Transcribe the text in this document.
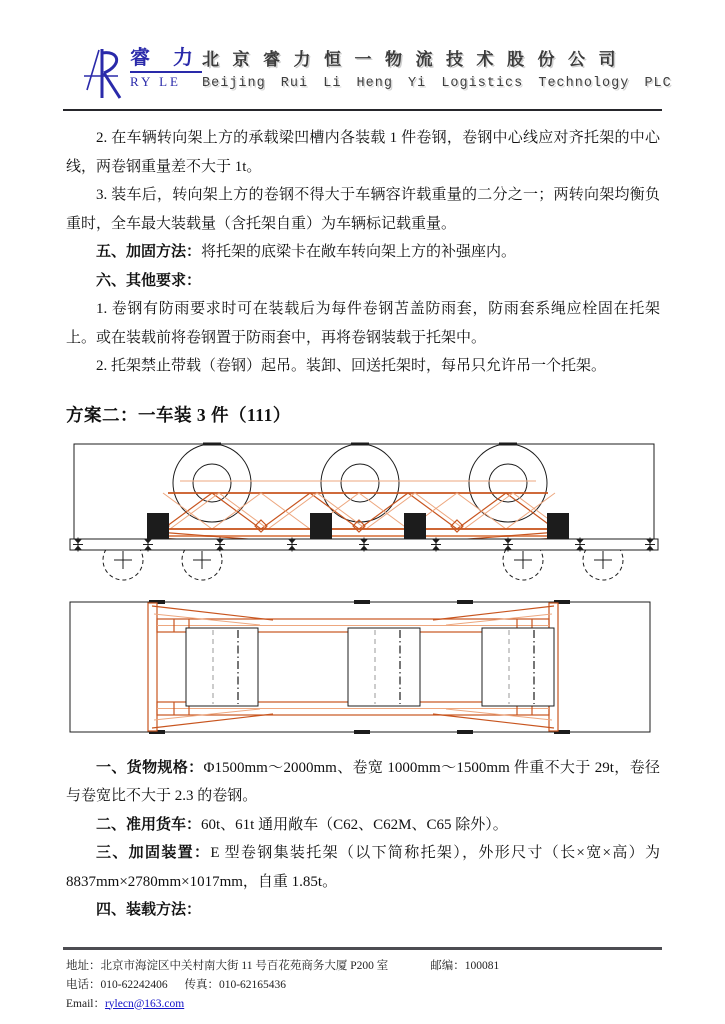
睿 力
RY LE
北京睿力恒一物流技术股份公司
Beijing Rui Li Heng Yi Logistics Technology PLC

2. 在车辆转向架上方的承载梁凹槽内各装载 1 件卷钢，卷钢中心线应对齐托架的中心线，两卷钢重量差不大于 1t。

3. 装车后，转向架上方的卷钢不得大于车辆容许载重量的二分之一；两转向架均衡负重时，全车最大装载量（含托架自重）为车辆标记载重量。

五、加固方法：将托架的底梁卡在敞车转向架上方的补强座内。

六、其他要求：

1. 卷钢有防雨要求时可在装载后为每件卷钢苫盖防雨套，防雨套系绳应栓固在托架上。或在装载前将卷钢置于防雨套中，再将卷钢装载于托架中。

2. 托架禁止带载（卷钢）起吊。装卸、回送托架时，每吊只允许吊一个托架。

方案二：一车装 3 件（111）

一、货物规格：Φ1500mm～2000mm、卷宽 1000mm～1500mm 件重不大于 29t，卷径与卷宽比不大于 2.3 的卷钢。

二、准用货车：60t、61t 通用敞车（C62、C62M、C65 除外）。

三、加固装置：E 型卷钢集装托架（以下简称托架），外形尺寸（长×宽×高）为 8837mm×2780mm×1017mm，自重 1.85t。

四、装载方法：

地址：北京市海淀区中关村南大街 11 号百花苑商务大厦 P200 室	邮编：100081
电话：010-62242406 传真：010-62165436
Email：rylecn@163.com
